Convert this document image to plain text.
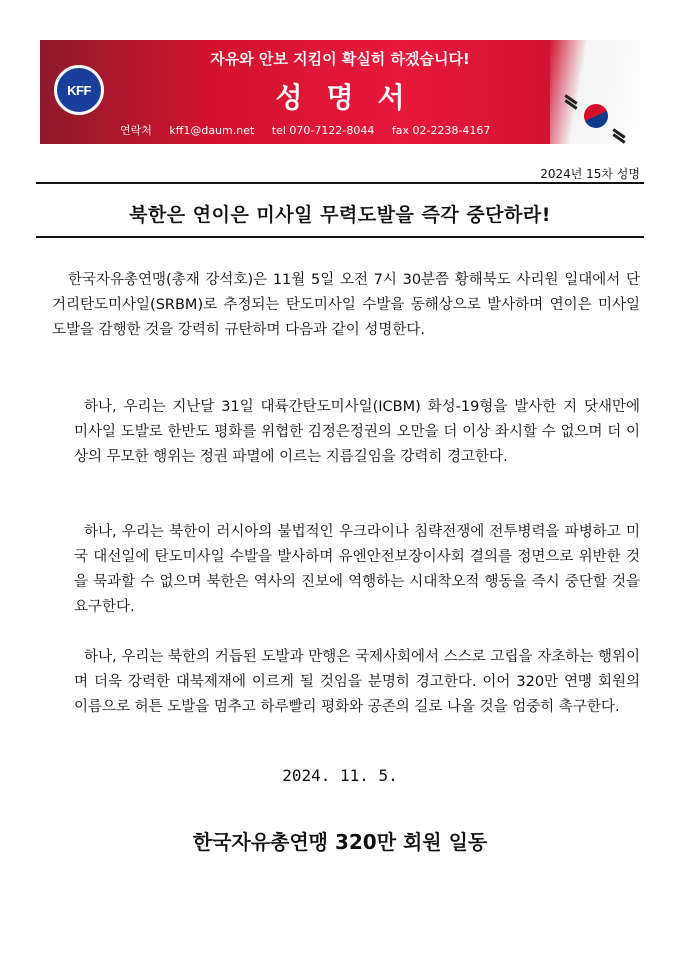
KFF
자유와 안보 지킴이 확실히 하겠습니다!
성명서
연락처 kff1@daum.net tel 070-7122-8044 fax 02-2238-4167
2024년 15차 성명
북한은 연이은 미사일 무력도발을 즉각 중단하라!

한국자유총연맹(총재 강석호)은 11월 5일 오전 7시 30분쯤 황해북도 사리원 일대에서 단거리탄도미사일(SRBM)로 추정되는 탄도미사일 수발을 동해상으로 발사하며 연이은 미사일 도발을 감행한 것을 강력히 규탄하며 다음과 같이 성명한다.

하나, 우리는 지난달 31일 대륙간탄도미사일(ICBM) 화성-19형을 발사한 지 닷새만에 미사일 도발로 한반도 평화를 위협한 김정은정권의 오만을 더 이상 좌시할 수 없으며 더 이상의 무모한 행위는 정권 파멸에 이르는 지름길임을 강력히 경고한다.

하나, 우리는 북한이 러시아의 불법적인 우크라이나 침략전쟁에 전투병력을 파병하고 미국 대선일에 탄도미사일 수발을 발사하며 유엔안전보장이사회 결의를 정면으로 위반한 것을 묵과할 수 없으며 북한은 역사의 진보에 역행하는 시대착오적 행동을 즉시 중단할 것을 요구한다.

하나, 우리는 북한의 거듭된 도발과 만행은 국제사회에서 스스로 고립을 자초하는 행위이며 더욱 강력한 대북제재에 이르게 될 것임을 분명히 경고한다. 이어 320만 연맹 회원의 이름으로 허튼 도발을 멈추고 하루빨리 평화와 공존의 길로 나올 것을 엄중히 촉구한다.

2024. 11. 5.
한국자유총연맹 320만 회원 일동
